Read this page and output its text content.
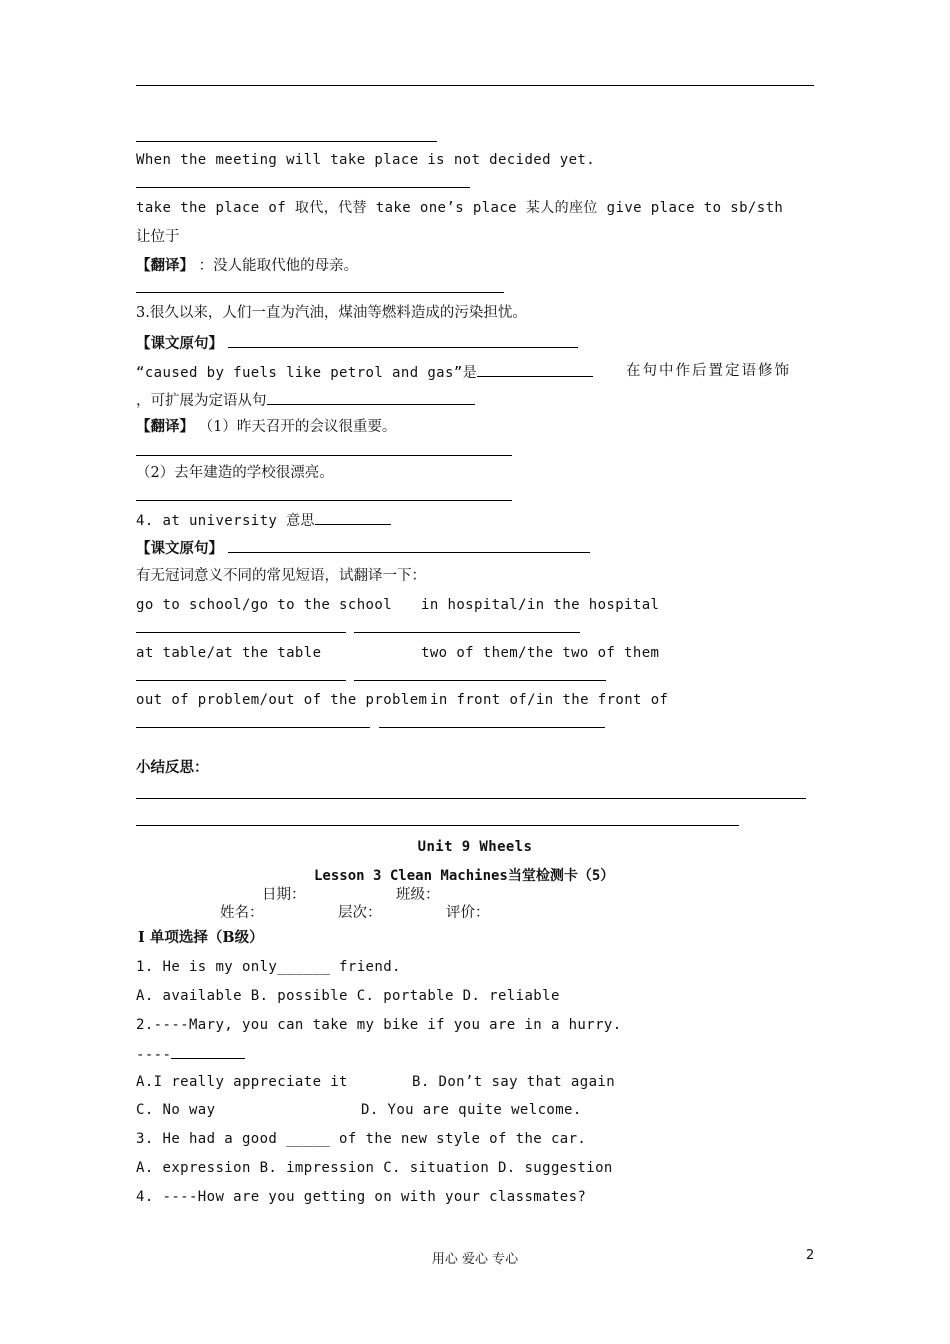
When the meeting will take place is not decided yet.
take the place of 取代，代替 take one’s place 某人的座位 give place to sb/sth
让位于
【翻译】 ：没人能取代他的母亲。
3.很久以来，人们一直为汽油，煤油等燃料造成的污染担忧。
【课文原句】
“caused by fuels like petrol and gas”是	在句中作后置定语修饰
，可扩展为定语从句
【翻译】 （1）昨天召开的会议很重要。
（2）去年建造的学校很漂亮。
4. at university 意思
【课文原句】
有无冠词意义不同的常见短语，试翻译一下：
go to school/go to the school in hospital/in the hospital
at table/at the table	two of them/the two of them
out of problem/out of the problem in front of/in the front of
小结反思：
Unit 9 Wheels
Lesson 3 Clean Machines当堂检测卡（5）
日期：	班级：
姓名：	层次：	评价：
Ⅰ 单项选择（B级）
1. He is my only______ friend.
A. available B. possible C. portable D. reliable
2.----Mary, you can take my bike if you are in a hurry.
----
A.I really appreciate it	B. Don’t say that again
C. No way	D. You are quite welcome.
3. He had a good _____ of the new style of the car.
A. expression B. impression C. situation D. suggestion
4. ----How are you getting on with your classmates?
用心 爱心 专心	2
